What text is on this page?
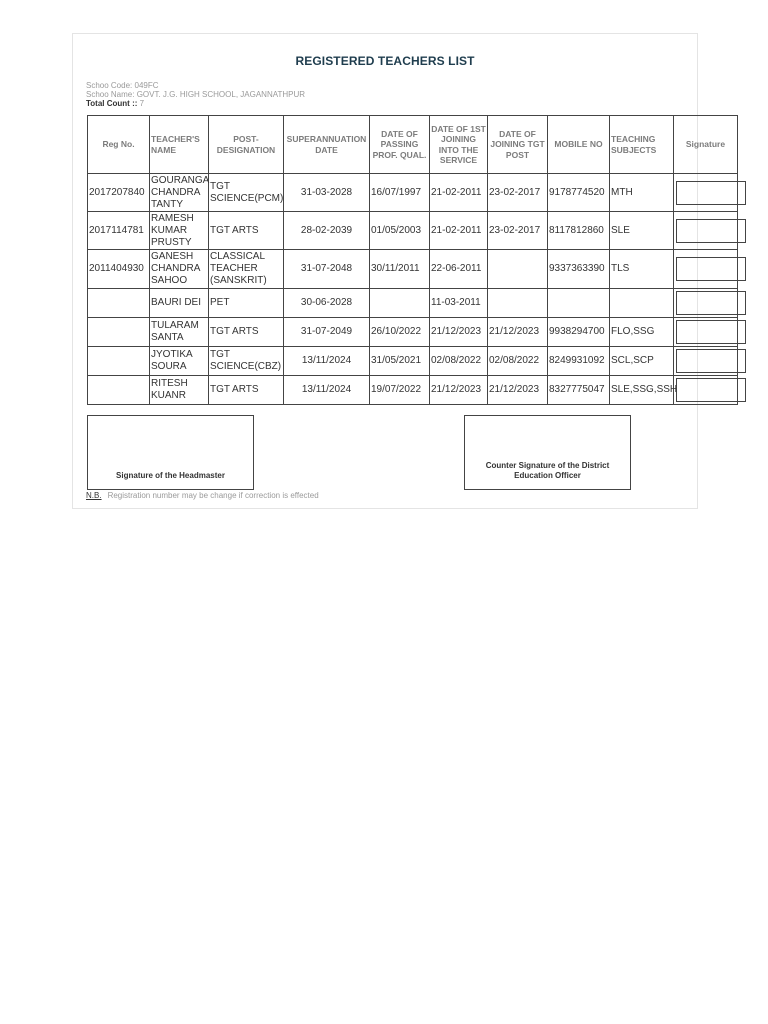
REGISTERED TEACHERS LIST
Schoo Code: 049FC
Schoo Name: GOVT. J.G. HIGH SCHOOL, JAGANNATHPUR
Total Count :: 7
Reg No.	TEACHER'S NAME	POST-DESIGNATION	SUPERANNUATION DATE	DATE OF PASSING PROF. QUAL.	DATE OF 1ST JOINING INTO THE SERVICE	DATE OF JOINING TGT POST	MOBILE NO	TEACHING SUBJECTS	Signature
2017207840	GOURANGA CHANDRA TANTY	TGT SCIENCE(PCM)	31-03-2028	16/07/1997	21-02-2011	23-02-2017	9178774520	MTH	

2017114781	RAMESH KUMAR PRUSTY	TGT ARTS	28-02-2039	01/05/2003	21-02-2011	23-02-2017	8117812860	SLE	

2011404930	GANESH CHANDRA SAHOO	CLASSICAL TEACHER (SANSKRIT)	31-07-2048	30/11/2011	22-06-2011		9337363390	TLS	

	BAURI DEI	PET	30-06-2028		11-03-2011				

	TULARAM SANTA	TGT ARTS	31-07-2049	26/10/2022	21/12/2023	21/12/2023	9938294700	FLO,SSG	

	JYOTIKA SOURA	TGT SCIENCE(CBZ)	13/11/2024	31/05/2021	02/08/2022	02/08/2022	8249931092	SCL,SCP	

	RITESH KUANR	TGT ARTS	13/11/2024	19/07/2022	21/12/2023	21/12/2023	8327775047	SLE,SSG,SSH	
Signature of the Headmaster
Counter Signature of the District Education Officer
N.B. Registration number may be change if correction is effected
